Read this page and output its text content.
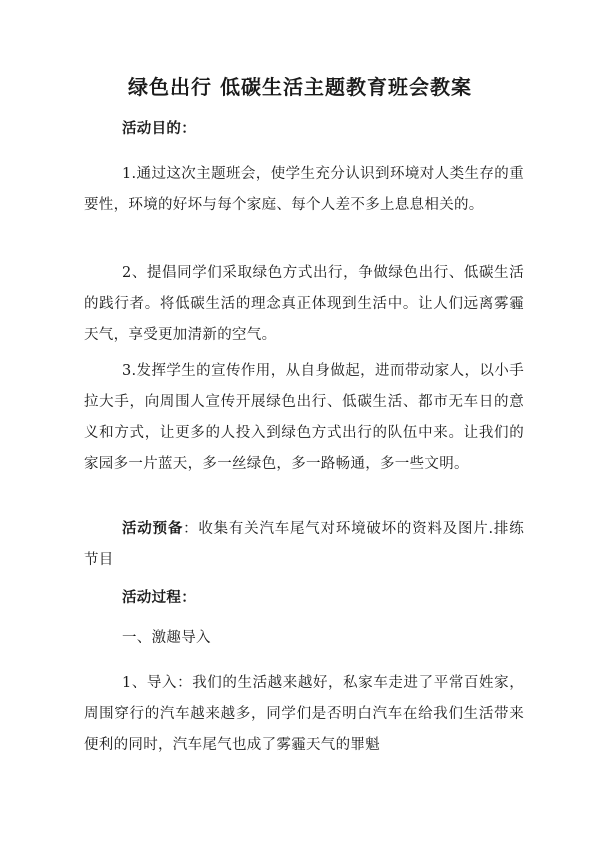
绿色出行 低碳生活主题教育班会教案
活动目的：
1.通过这次主题班会，使学生充分认识到环境对人类生存的重要性，环境的好坏与每个家庭、每个人差不多上息息相关的。
2、提倡同学们采取绿色方式出行，争做绿色出行、低碳生活的践行者。将低碳生活的理念真正体现到生活中。让人们远离雾霾天气，享受更加清新的空气。
3.发挥学生的宣传作用，从自身做起，进而带动家人，以小手拉大手，向周围人宣传开展绿色出行、低碳生活、都市无车日的意义和方式，让更多的人投入到绿色方式出行的队伍中来。让我们的家园多一片蓝天，多一丝绿色，多一路畅通，多一些文明。
活动预备：收集有关汽车尾气对环境破坏的资料及图片.排练节目
活动过程：
一、激趣导入
1、导入：我们的生活越来越好，私家车走进了平常百姓家，周围穿行的汽车越来越多，同学们是否明白汽车在给我们生活带来便利的同时，汽车尾气也成了雾霾天气的罪魁
